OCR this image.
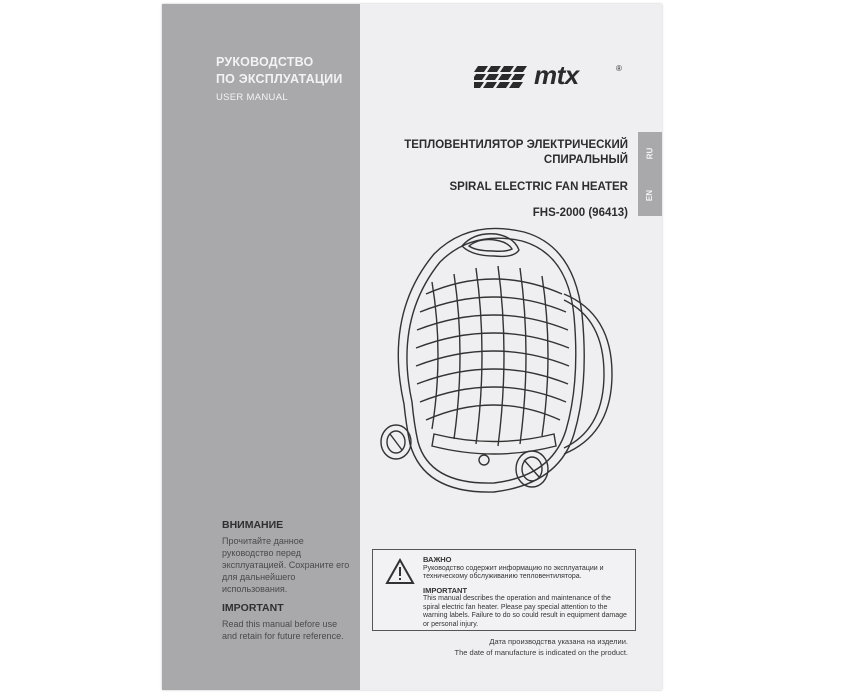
РУКОВОДСТВО
ПО ЭКСПЛУАТАЦИИ
USER MANUAL
ВНИМАНИЕ
Прочитайте данное руководство перед эксплуатацией. Сохраните его для дальнейшего использования.
IMPORTANT
Read this manual before use and retain for future reference.
mtx	®
RU
EN
ТЕПЛОВЕНТИЛЯТОР ЭЛЕКТРИЧЕСКИЙ
СПИРАЛЬНЫЙ
SPIRAL ELECTRIC FAN HEATER
FHS-2000 (96413)
ВАЖНО
Руководство содержит информацию по эксплуатации и техническому обслуживанию тепловентилятора.
IMPORTANT
This manual describes the operation and maintenance of the spiral electric fan heater. Please pay special attention to the warning labels. Failure to do so could result in equipment damage or personal injury.
Дата производства указана на изделии.
The date of manufacture is indicated on the product.
